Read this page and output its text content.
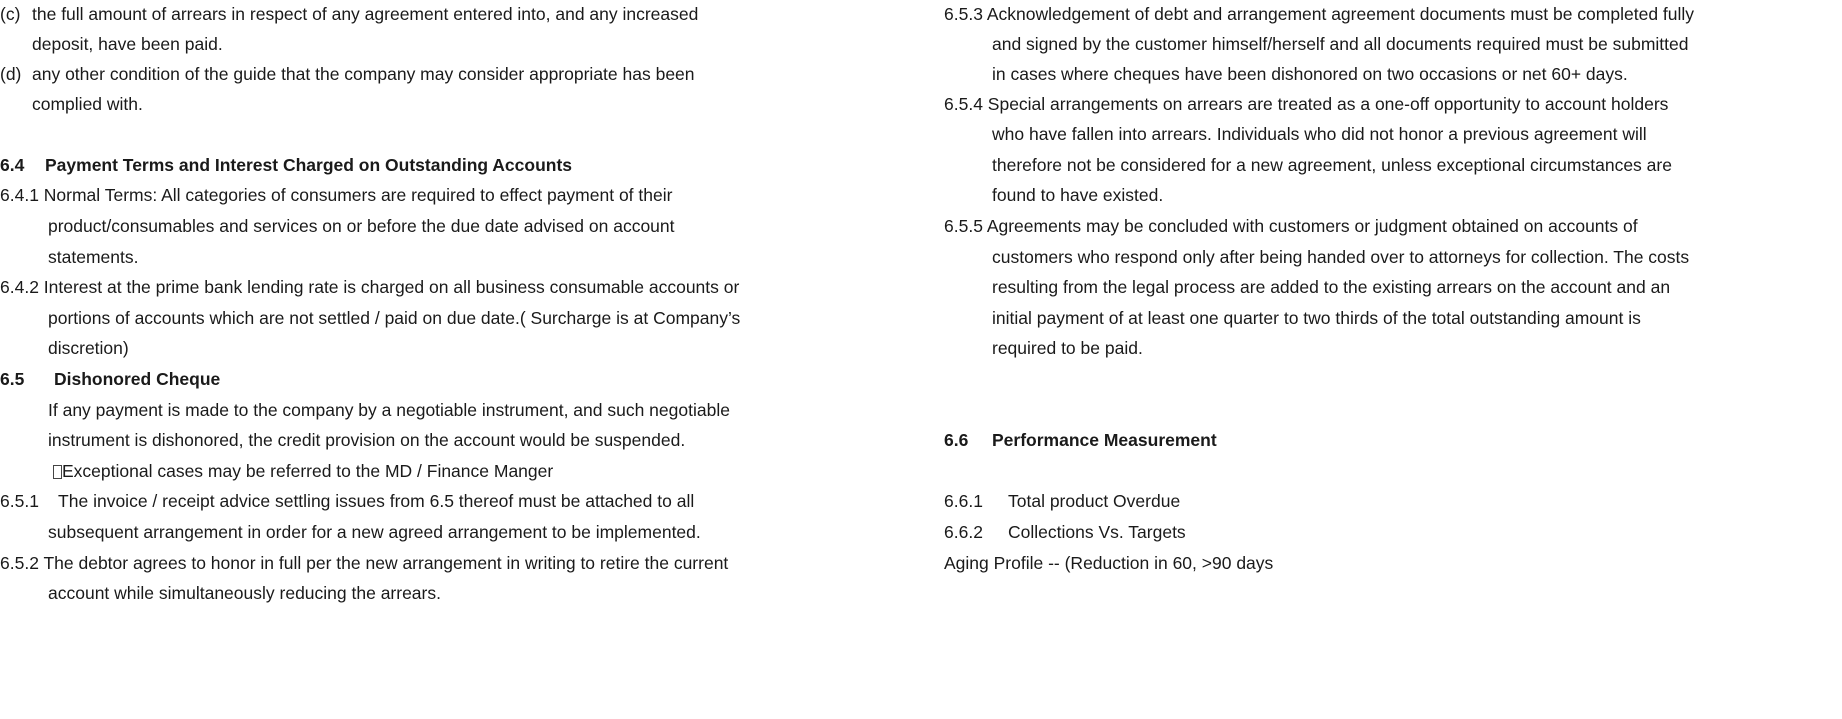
(c) the full amount of arrears in respect of any agreement entered into, and any increased
deposit, have been paid.
(d) any other condition of the guide that the company may consider appropriate has been
complied with.
6.4 Payment Terms and Interest Charged on Outstanding Accounts
6.4.1 Normal Terms: All categories of consumers are required to effect payment of their
product/consumables and services on or before the due date advised on account
statements.
6.4.2 Interest at the prime bank lending rate is charged on all business consumable accounts or
portions of accounts which are not settled / paid on due date.( Surcharge is at Company’s
discretion)
6.5 Dishonored Cheque
If any payment is made to the company by a negotiable instrument, and such negotiable
instrument is dishonored, the credit provision on the account would be suspended.
Exceptional cases may be referred to the MD / Finance Manger
6.5.1    The invoice / receipt advice settling issues from 6.5 thereof must be attached to all
subsequent arrangement in order for a new agreed arrangement to be implemented.
6.5.2 The debtor agrees to honor in full per the new arrangement in writing to retire the current
account while simultaneously reducing the arrears.
6.5.3 Acknowledgement of debt and arrangement agreement documents must be completed fully
and signed by the customer himself/herself and all documents required must be submitted
in cases where cheques have been dishonored on two occasions or net 60+ days.
6.5.4 Special arrangements on arrears are treated as a one-off opportunity to account holders
who have fallen into arrears. Individuals who did not honor a previous agreement will
therefore not be considered for a new agreement, unless exceptional circumstances are
found to have existed.
6.5.5 Agreements may be concluded with customers or judgment obtained on accounts of
customers who respond only after being handed over to attorneys for collection. The costs
resulting from the legal process are added to the existing arrears on the account and an
initial payment of at least one quarter to two thirds of the total outstanding amount is
required to be paid.
6.6 Performance Measurement
6.6.1 Total product Overdue
6.6.2 Collections Vs. Targets
Aging Profile -- (Reduction in 60, >90 days
